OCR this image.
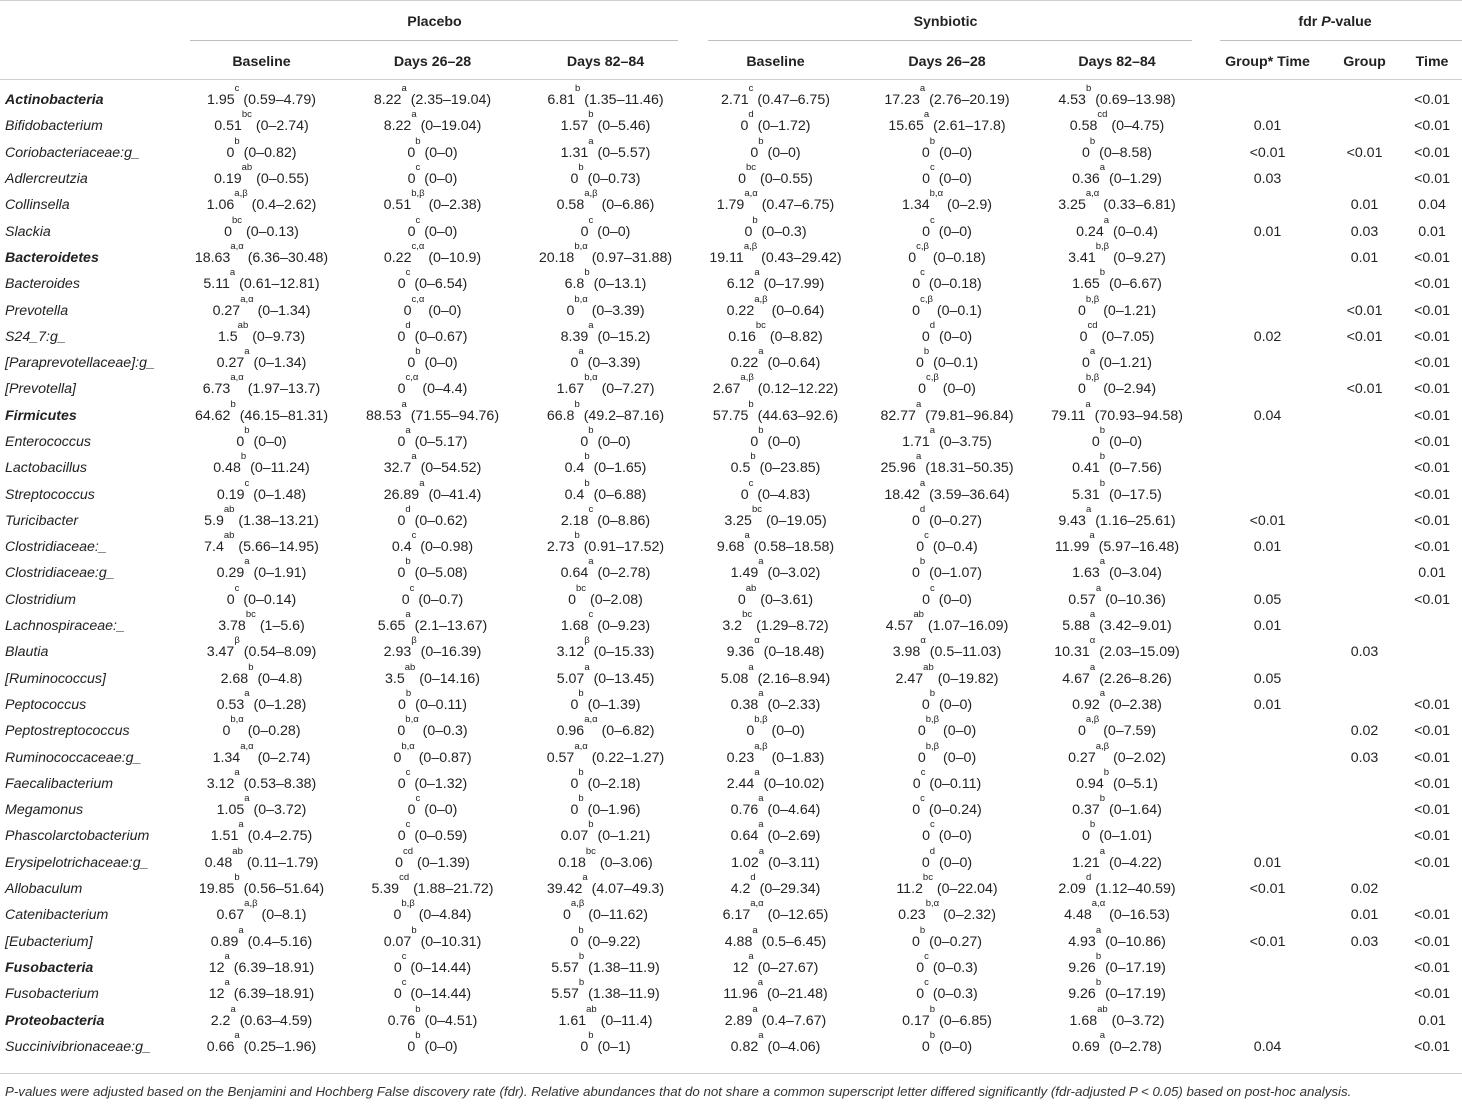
	Placebo			Synbiotic			fdr P-value		
	Baseline	Days 26–28	Days 82–84	Baseline	Days 26–28	Days 82–84	Group* Time	Group	Time
Actinobacteria	1.95$^c$ (0.59–4.79)	8.22$^a$ (2.35–19.04)	6.81$^b$ (1.35–11.46)	2.71$^c$ (0.47–6.75)	17.23$^a$ (2.76–20.19)	4.53$^b$ (0.69–13.98)			<0.01
Bifidobacterium	0.51$^{bc}$ (0–2.74)	8.22$^a$ (0–19.04)	1.57$^b$ (0–5.46)	0$^d$ (0–1.72)	15.65$^a$ (2.61–17.8)	0.58$^{cd}$ (0–4.75)	0.01		<0.01
Coriobacteriaceae:g_	0$^b$ (0–0.82)	0$^b$ (0–0)	1.31$^a$ (0–5.57)	0$^b$ (0–0)	0$^b$ (0–0)	0$^b$ (0–8.58)	<0.01	<0.01	<0.01
Adlercreutzia	0.19$^{ab}$ (0–0.55)	0$^c$ (0–0)	0$^b$ (0–0.73)	$0^{bc}$ (0–0.55)	0$^c$ (0–0)	0.36$^a$ (0–1.29)	0.03		<0.01
Collinsella	$1.06^{a,\beta}$ (0.4–2.62)	$0.51^{b,\beta}$ (0–2.38)	$0.58^{a,\beta}$ (0–6.86)	$1.79^{a,\alpha}$ (0.47–6.75)	$1.34^{b,\alpha}$ (0–2.9)	$3.25^{a,\alpha}$ (0.33–6.81)		0.01	0.04
Slackia	$0^{bc}$ (0–0.13)	0$^c$ (0–0)	0$^c$ (0–0)	0$^b$ (0–0.3)	0$^c$ (0–0)	0.24$^a$ (0–0.4)	0.01	0.03	0.01
Bacteroidetes	$18.63^{a,\alpha}$ (6.36–30.48)	$0.22^{c,\alpha}$ (0–10.9)	$20.18^{b,\alpha}$ (0.97–31.88)	$19.11^{a,\beta}$ (0.43–29.42)	$0^{c,\beta}$ (0–0.18)	$3.41^{b,\beta}$ (0–9.27)		0.01	<0.01
Bacteroides	5.11$^a$ (0.61–12.81)	0$^c$ (0–6.54)	6.8$^b$ (0–13.1)	6.12$^a$ (0–17.99)	0$^c$ (0–0.18)	1.65$^b$ (0–6.67)			<0.01
Prevotella	$0.27^{a,\alpha}$ (0–1.34)	$0^{c,\alpha}$ (0–0)	$0^{b,\alpha}$ (0–3.39)	$0.22^{a,\beta}$ (0–0.64)	$0^{c,\beta}$ (0–0.1)	$0^{b,\beta}$ (0–1.21)		<0.01	<0.01
S24_7:g_	1.5$^{ab}$ (0–9.73)	0$^d$ (0–0.67)	8.39$^a$ (0–15.2)	0.16$^{bc}$ (0–8.82)	0$^d$ (0–0)	$0^{cd}$ (0–7.05)	0.02	<0.01	<0.01
[Paraprevotellaceae]:g_	0.27$^a$ (0–1.34)	0$^b$ (0–0)	0$^a$ (0–3.39)	0.22$^a$ (0–0.64)	0$^b$ (0–0.1)	0$^a$ (0–1.21)			<0.01
[Prevotella]	$6.73^{a,\alpha}$ (1.97–13.7)	$0^{c,\alpha}$ (0–4.4)	$1.67^{b,\alpha}$ (0–7.27)	$2.67^{a,\beta}$ (0.12–12.22)	$0^{c,\beta}$ (0–0)	$0^{b,\beta}$ (0–2.94)		<0.01	<0.01
Firmicutes	64.62$^b$ (46.15–81.31)	88.53$^a$ (71.55–94.76)	66.8$^b$ (49.2–87.16)	57.75$^b$ (44.63–92.6)	82.77$^a$ (79.81–96.84)	79.11$^a$ (70.93–94.58)	0.04		<0.01
Enterococcus	0$^b$ (0–0)	0$^a$ (0–5.17)	0$^b$ (0–0)	0$^b$ (0–0)	1.71$^a$ (0–3.75)	0$^b$ (0–0)			<0.01
Lactobacillus	0.48$^b$ (0–11.24)	32.7$^a$ (0–54.52)	0.4$^b$ (0–1.65)	0.5$^b$ (0–23.85)	25.96$^a$ (18.31–50.35)	0.41$^b$ (0–7.56)			<0.01
Streptococcus	0.19$^c$ (0–1.48)	26.89$^a$ (0–41.4)	0.4$^b$ (0–6.88)	0$^c$ (0–4.83)	18.42$^a$ (3.59–36.64)	5.31$^b$ (0–17.5)			<0.01
Turicibacter	5.9$^{ab}$ (1.38–13.21)	0$^d$ (0–0.62)	2.18$^c$ (0–8.86)	3.25$^{bc}$ (0–19.05)	0$^d$ (0–0.27)	9.43$^a$ (1.16–25.61)	<0.01		<0.01
Clostridiaceae:_	7.4$^{ab}$ (5.66–14.95)	0.4$^c$ (0–0.98)	2.73$^b$ (0.91–17.52)	9.68$^a$ (0.58–18.58)	0$^c$ (0–0.4)	11.99$^a$ (5.97–16.48)	0.01		<0.01
Clostridiaceae:g_	0.29$^a$ (0–1.91)	0$^b$ (0–5.08)	0.64$^a$ (0–2.78)	1.49$^a$ (0–3.02)	0$^b$ (0–1.07)	1.63$^a$ (0–3.04)			0.01
Clostridium	0$^c$ (0–0.14)	0$^c$ (0–0.7)	$0^{bc}$ (0–2.08)	$0^{ab}$ (0–3.61)	0$^c$ (0–0)	0.57$^a$ (0–10.36)	0.05		<0.01
Lachnospiraceae:_	3.78$^{bc}$ (1–5.6)	5.65$^a$ (2.1–13.67)	1.68$^c$ (0–9.23)	3.2$^{bc}$ (1.29–8.72)	4.57$^{ab}$ (1.07–16.09)	5.88$^a$ (3.42–9.01)	0.01		
Blautia	$3.47^\beta$ (0.54–8.09)	$2.93^\beta$ (0–16.39)	$3.12^\beta$ (0–15.33)	$9.36^\alpha$ (0–18.48)	$3.98^\alpha$ (0.5–11.03)	$10.31^\alpha$ (2.03–15.09)		0.03	
[Ruminococcus]	2.68$^b$ (0–4.8)	3.5$^{ab}$ (0–14.16)	5.07$^a$ (0–13.45)	5.08$^a$ (2.16–8.94)	2.47$^{ab}$ (0–19.82)	4.67$^a$ (2.26–8.26)	0.05		
Peptococcus	0.53$^a$ (0–1.28)	0$^b$ (0–0.11)	0$^b$ (0–1.39)	0.38$^a$ (0–2.33)	0$^b$ (0–0)	0.92$^a$ (0–2.38)	0.01		<0.01
Peptostreptococcus	$0^{b,\alpha}$ (0–0.28)	$0^{b,\alpha}$ (0–0.3)	$0.96^{a,\alpha}$ (0–6.82)	$0^{b,\beta}$ (0–0)	$0^{b,\beta}$ (0–0)	$0^{a,\beta}$ (0–7.59)		0.02	<0.01
Ruminococcaceae:g_	$1.34^{a,\alpha}$ (0–2.74)	$0^{b,\alpha}$ (0–0.87)	$0.57^{a,\alpha}$ (0.22–1.27)	$0.23^{a,\beta}$ (0–1.83)	$0^{b,\beta}$ (0–0)	$0.27^{a,\beta}$ (0–2.02)		0.03	<0.01
Faecalibacterium	3.12$^a$ (0.53–8.38)	0$^c$ (0–1.32)	0$^b$ (0–2.18)	2.44$^a$ (0–10.02)	0$^c$ (0–0.11)	0.94$^b$ (0–5.1)			<0.01
Megamonus	1.05$^a$ (0–3.72)	0$^c$ (0–0)	0$^b$ (0–1.96)	0.76$^a$ (0–4.64)	0$^c$ (0–0.24)	0.37$^b$ (0–1.64)			<0.01
Phascolarctobacterium	1.51$^a$ (0.4–2.75)	0$^c$ (0–0.59)	0.07$^b$ (0–1.21)	0.64$^a$ (0–2.69)	0$^c$ (0–0)	0$^b$ (0–1.01)			<0.01
Erysipelotrichaceae:g_	0.48$^{ab}$ (0.11–1.79)	$0^{cd}$ (0–1.39)	0.18$^{bc}$ (0–3.06)	1.02$^a$ (0–3.11)	0$^d$ (0–0)	1.21$^a$ (0–4.22)	0.01		<0.01
Allobaculum	19.85$^b$ (0.56–51.64)	5.39$^{cd}$ (1.88–21.72)	39.42$^a$ (4.07–49.3)	4.2$^d$ (0–29.34)	11.2$^{bc}$ (0–22.04)	2.09$^d$ (1.12–40.59)	<0.01	0.02	
Catenibacterium	$0.67^{a,\beta}$ (0–8.1)	$0^{b,\beta}$ (0–4.84)	$0^{a,\beta}$ (0–11.62)	$6.17^{a,\alpha}$ (0–12.65)	$0.23^{b,\alpha}$ (0–2.32)	$4.48^{a,\alpha}$ (0–16.53)		0.01	<0.01
[Eubacterium]	0.89$^a$ (0.4–5.16)	0.07$^b$ (0–10.31)	0$^b$ (0–9.22)	4.88$^a$ (0.5–6.45)	0$^b$ (0–0.27)	4.93$^a$ (0–10.86)	<0.01	0.03	<0.01
Fusobacteria	12$^a$ (6.39–18.91)	0$^c$ (0–14.44)	5.57$^b$ (1.38–11.9)	12$^a$ (0–27.67)	0$^c$ (0–0.3)	9.26$^b$ (0–17.19)			<0.01
Fusobacterium	12$^a$ (6.39–18.91)	0$^c$ (0–14.44)	5.57$^b$ (1.38–11.9)	11.96$^a$ (0–21.48)	0$^c$ (0–0.3)	9.26$^b$ (0–17.19)			<0.01
Proteobacteria	2.2$^a$ (0.63–4.59)	0.76$^b$ (0–4.51)	1.61$^{ab}$ (0–11.4)	2.89$^a$ (0.4–7.67)	0.17$^b$ (0–6.85)	1.68$^{ab}$ (0–3.72)			0.01
Succinivibrionaceae:g_	0.66$^a$ (0.25–1.96)	0$^b$ (0–0)	0$^b$ (0–1)	0.82$^a$ (0–4.06)	0$^b$ (0–0)	0.69$^a$ (0–2.78)	0.04		<0.01
P-values were adjusted based on the Benjamini and Hochberg False discovery rate (fdr). Relative abundances that do not share a common superscript letter differed significantly (fdr-adjusted P < 0.05) based on post-hoc analysis.
